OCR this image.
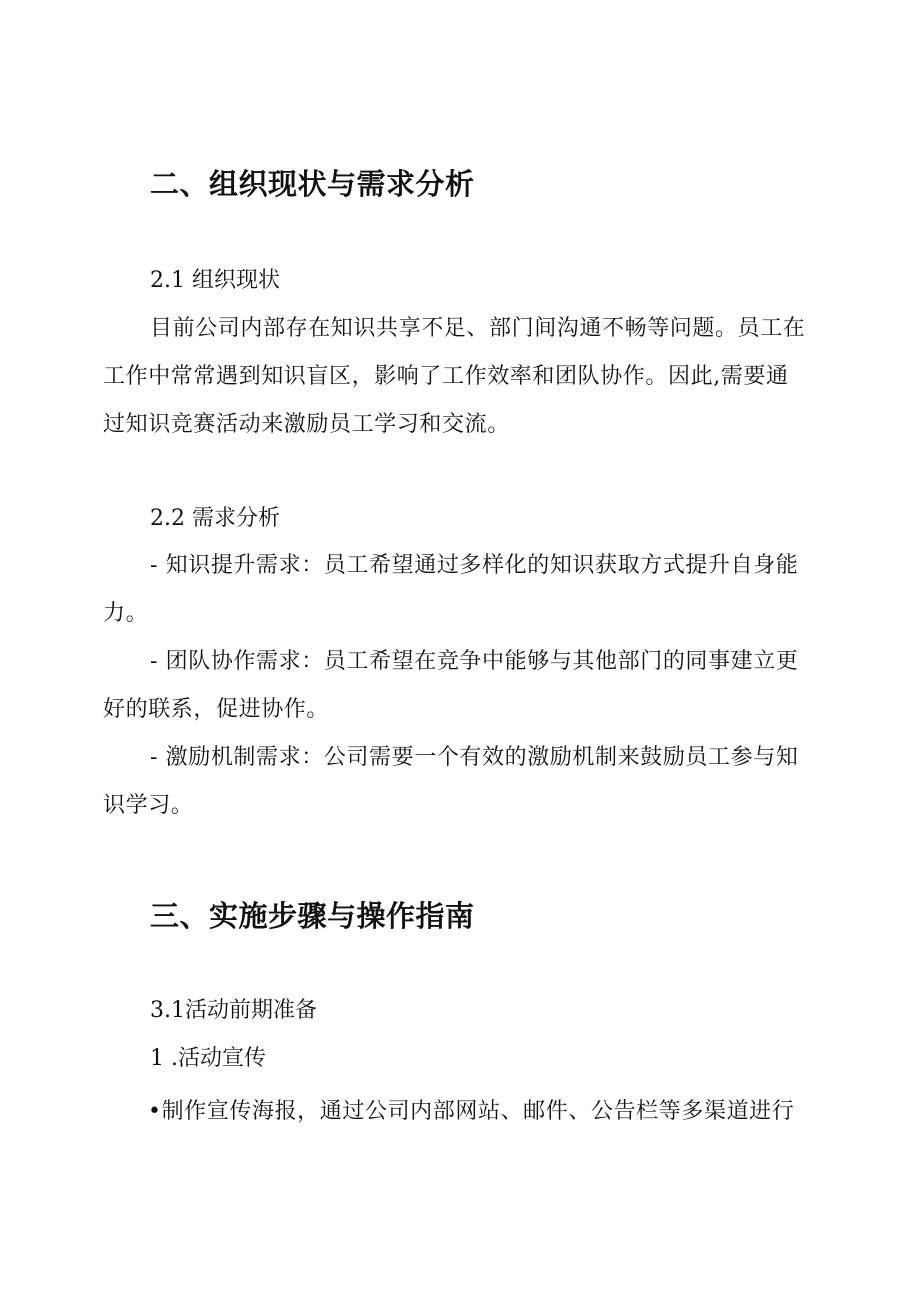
二、组织现状与需求分析
2.1 组织现状
目前公司内部存在知识共享不足、部门间沟通不畅等问题。员工在
工作中常常遇到知识盲区，影响了工作效率和团队协作。因此,需要通
过知识竞赛活动来激励员工学习和交流。
2.2 需求分析
- 知识提升需求：员工希望通过多样化的知识获取方式提升自身能
力。
- 团队协作需求：员工希望在竞争中能够与其他部门的同事建立更
好的联系，促进协作。
- 激励机制需求：公司需要一个有效的激励机制来鼓励员工参与知
识学习。
三、实施步骤与操作指南
3.1活动前期准备
1 .活动宣传
•制作宣传海报，通过公司内部网站、邮件、公告栏等多渠道进行
